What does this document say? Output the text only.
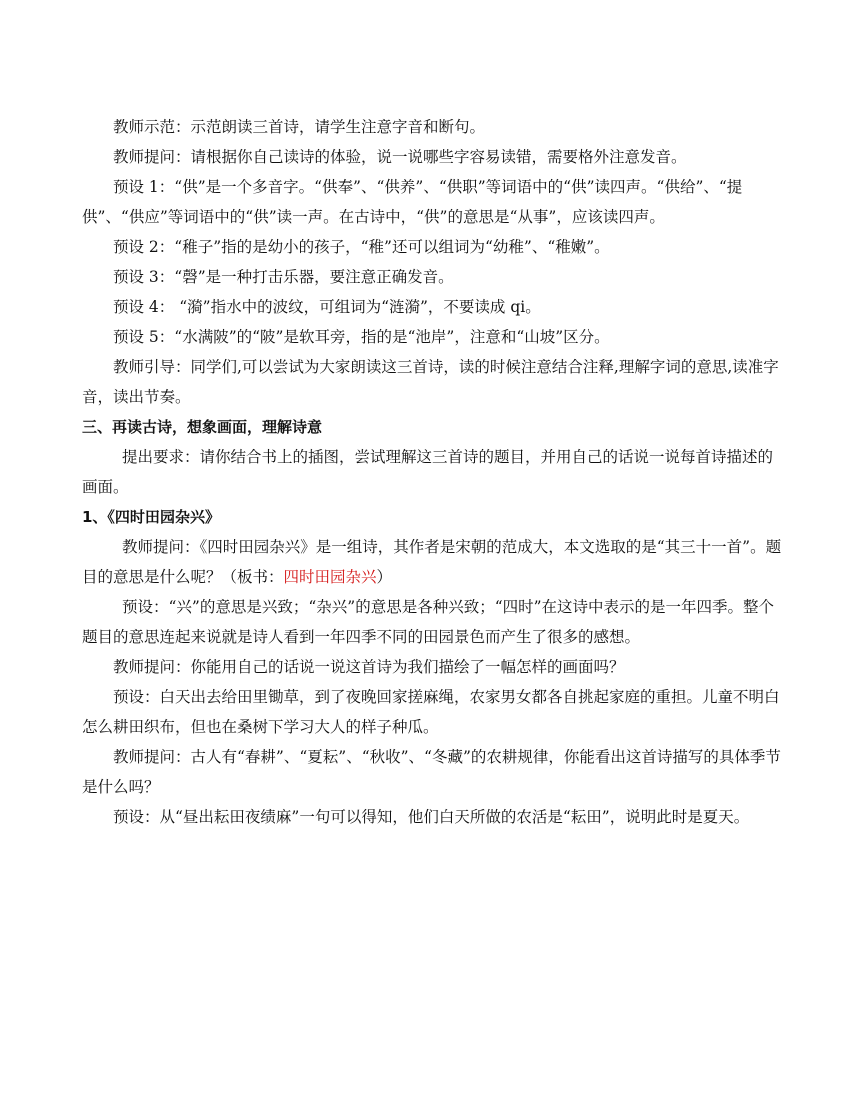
教师示范：示范朗读三首诗，请学生注意字音和断句。

教师提问：请根据你自己读诗的体验，说一说哪些字容易读错，需要格外注意发音。

预设 1：“供”是一个多音字。“供奉”、“供养”、“供职”等词语中的“供”读四声。“供给”、“提供”、“供应”等词语中的“供”读一声。在古诗中，“供”的意思是“从事”，应该读四声。

预设 2：“稚子”指的是幼小的孩子，“稚”还可以组词为“幼稚”、“稚嫩”。

预设 3：“磬”是一种打击乐器，要注意正确发音。

预设 4： “漪”指水中的波纹，可组词为“涟漪”，不要读成 qi。

预设 5：“水满陂”的“陂”是软耳旁，指的是“池岸”，注意和“山坡”区分。

教师引导：同学们,可以尝试为大家朗读这三首诗，读的时候注意结合注释,理解字词的意思,读准字音，读出节奏。

三、再读古诗，想象画面，理解诗意

提出要求：请你结合书上的插图，尝试理解这三首诗的题目，并用自己的话说一说每首诗描述的画面。

1、《四时田园杂兴》

教师提问：《四时田园杂兴》是一组诗，其作者是宋朝的范成大，本文选取的是“其三十一首”。题目的意思是什么呢？（板书：四时田园杂兴）

预设：“兴”的意思是兴致；“杂兴”的意思是各种兴致；“四时”在这诗中表示的是一年四季。整个题目的意思连起来说就是诗人看到一年四季不同的田园景色而产生了很多的感想。

教师提问：你能用自己的话说一说这首诗为我们描绘了一幅怎样的画面吗？

预设：白天出去给田里锄草，到了夜晚回家搓麻绳，农家男女都各自挑起家庭的重担。儿童不明白怎么耕田织布，但也在桑树下学习大人的样子种瓜。

教师提问：古人有“春耕”、“夏耘”、“秋收”、“冬藏”的农耕规律，你能看出这首诗描写的具体季节是什么吗？

预设：从“昼出耘田夜绩麻”一句可以得知，他们白天所做的农活是“耘田”，说明此时是夏天。
